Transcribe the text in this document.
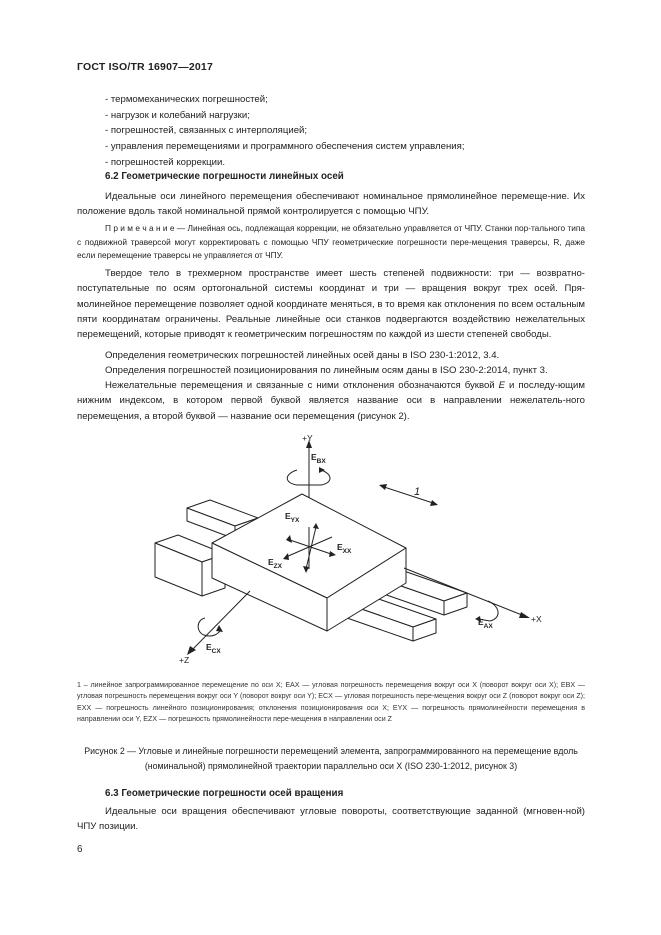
ГОСТ ISO/TR 16907—2017
- термомеханических погрешностей;
- нагрузок и колебаний нагрузки;
- погрешностей, связанных с интерполяцией;
- управления перемещениями и программного обеспечения систем управления;
- погрешностей коррекции.
6.2 Геометрические погрешности линейных осей
Идеальные оси линейного перемещения обеспечивают номинальное прямолинейное перемеще-ние. Их положение вдоль такой номинальной прямой контролируется с помощью ЧПУ.
П р и м е ч а н и е — Линейная ось, подлежащая коррекции, не обязательно управляется от ЧПУ. Станки пор-тального типа с подвижной траверсой могут корректировать с помощью ЧПУ геометрические погрешности пере-мещения траверсы, R, даже если перемещение траверсы не управляется от ЧПУ.
Твердое тело в трехмерном пространстве имеет шесть степеней подвижности: три — возвратно-поступательные по осям ортогональной системы координат и три — вращения вокруг трех осей. Пря-молинейное перемещение позволяет одной координате меняться, в то время как отклонения по всем остальным пяти координатам ограничены. Реальные линейные оси станков подвергаются воздействию нежелательных перемещений, которые приводят к геометрическим погрешностям по каждой из шести степеней свободы.
Определения геометрических погрешностей линейных осей даны в ISO 230-1:2012, 3.4.
Определения погрешностей позиционирования по линейным осям даны в ISO 230-2:2014, пункт 3.
Нежелательные перемещения и связанные с ними отклонения обозначаются буквой E и последу-ющим нижним индексом, в котором первой буквой является название оси в направлении нежелатель-ного перемещения, а второй буквой — название оси перемещения (рисунок 2).
+Y
+X
+Z
1
$E_{BX}$
$E_{YX}$
$E_{XX}$
$E_{ZX}$
$E_{AX}$
$E_{CX}$
1 – линейное запрограммированное перемещение по оси X; EAX — угловая погрешность перемещения вокруг оси X (поворот вокруг оси X); EBX — угловая погрешность перемещения вокруг оси Y (поворот вокруг оси Y); ECX — угловая погрешность пере-мещения вокруг оси Z (поворот вокруг оси Z); EXX — погрешность линейного позиционирования; отклонения позиционирования оси X; EYX — погрешность прямолинейности перемещения в направлении оси Y, EZX — погрешность прямолинейности пере-мещения в направлении оси Z
Рисунок 2 — Угловые и линейные погрешности перемещений элемента, запрограммированного на перемещение вдоль (номинальной) прямолинейной траектории параллельно оси X (ISO 230-1:2012, рисунок 3)
6.3 Геометрические погрешности осей вращения
Идеальные оси вращения обеспечивают угловые повороты, соответствующие заданной (мгновен-ной) ЧПУ позиции.
6
